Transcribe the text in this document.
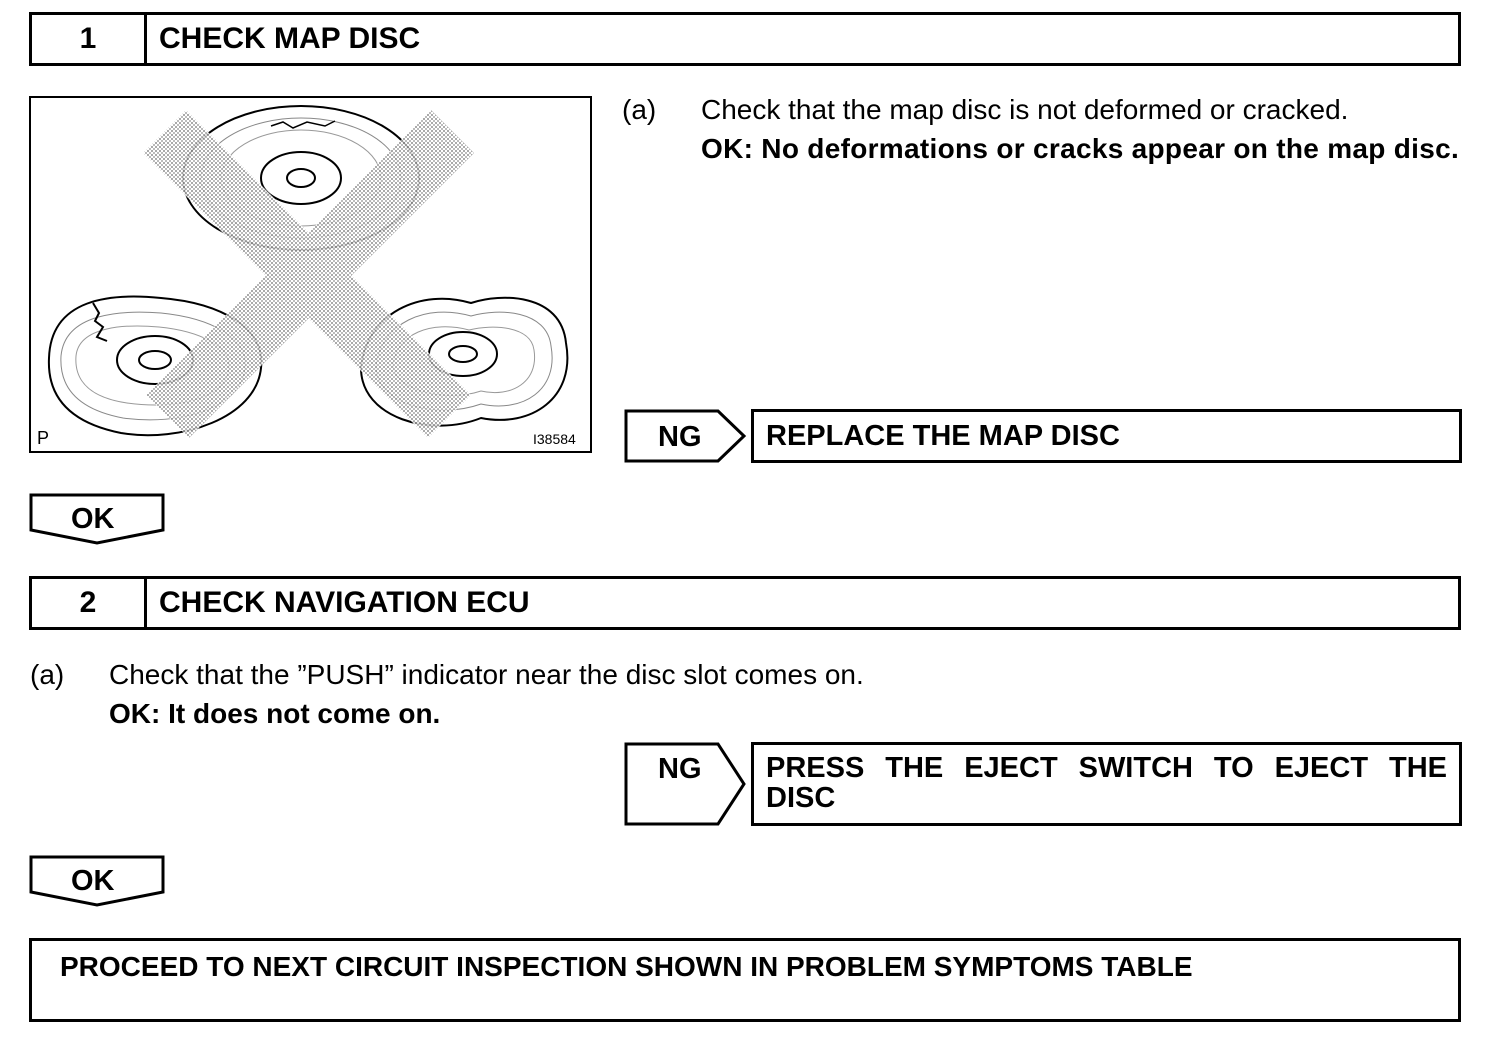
1	CHECK MAP DISC
P	I38584
(a) Check that the map disc is not deformed or cracked.
OK: No deformations or cracks appear on the map disc.
NG REPLACE THE MAP DISC
OK
2	CHECK NAVIGATION ECU
(a) Check that the ”PUSH” indicator near the disc slot comes on.
OK: It does not come on.
NG PRESS THE EJECT SWITCH TO EJECT THE DISC
OK
PROCEED TO NEXT CIRCUIT INSPECTION SHOWN IN PROBLEM SYMPTOMS TABLE
